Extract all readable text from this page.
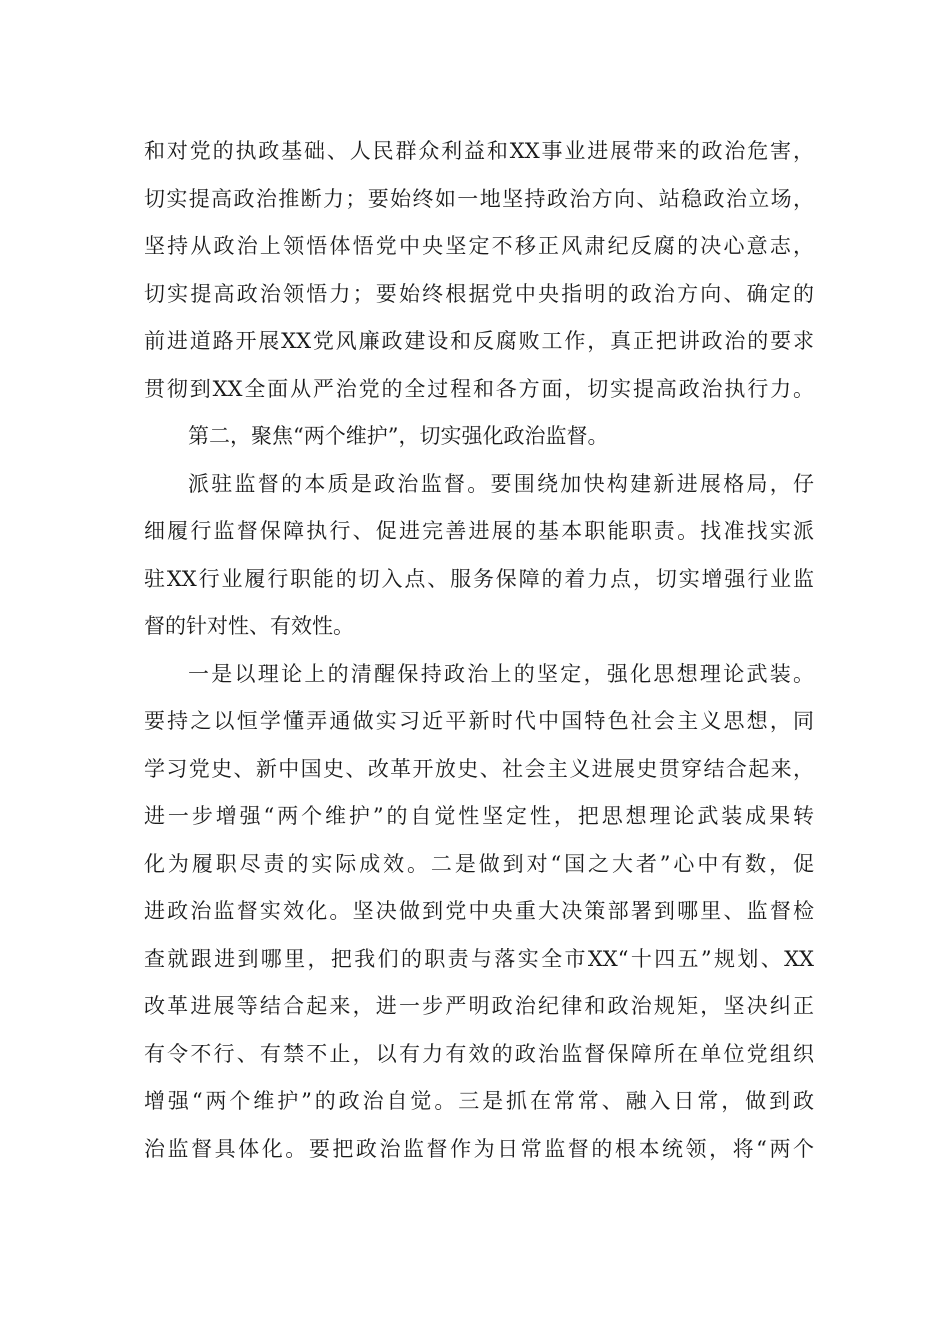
和对党的执政基础、人民群众利益和XX事业进展带来的政治危害，
切实提高政治推断力；要始终如一地坚持政治方向、站稳政治立场，
坚持从政治上领悟体悟党中央坚定不移正风肃纪反腐的决心意志，
切实提高政治领悟力；要始终根据党中央指明的政治方向、确定的
前进道路开展XX党风廉政建设和反腐败工作，真正把讲政治的要求
贯彻到XX全面从严治党的全过程和各方面，切实提高政治执行力。
第二，聚焦“两个维护”，切实强化政治监督。
派驻监督的本质是政治监督。要围绕加快构建新进展格局，仔
细履行监督保障执行、促进完善进展的基本职能职责。找准找实派
驻XX行业履行职能的切入点、服务保障的着力点，切实增强行业监
督的针对性、有效性。
一是以理论上的清醒保持政治上的坚定，强化思想理论武装。
要持之以恒学懂弄通做实习近平新时代中国特色社会主义思想，同
学习党史、新中国史、改革开放史、社会主义进展史贯穿结合起来，
进一步增强“两个维护”的自觉性坚定性，把思想理论武装成果转
化为履职尽责的实际成效。二是做到对“国之大者”心中有数，促
进政治监督实效化。坚决做到党中央重大决策部署到哪里、监督检
查就跟进到哪里，把我们的职责与落实全市XX“十四五”规划、XX
改革进展等结合起来，进一步严明政治纪律和政治规矩，坚决纠正
有令不行、有禁不止，以有力有效的政治监督保障所在单位党组织
增强“两个维护”的政治自觉。三是抓在常常、融入日常，做到政
治监督具体化。要把政治监督作为日常监督的根本统领，将“两个
